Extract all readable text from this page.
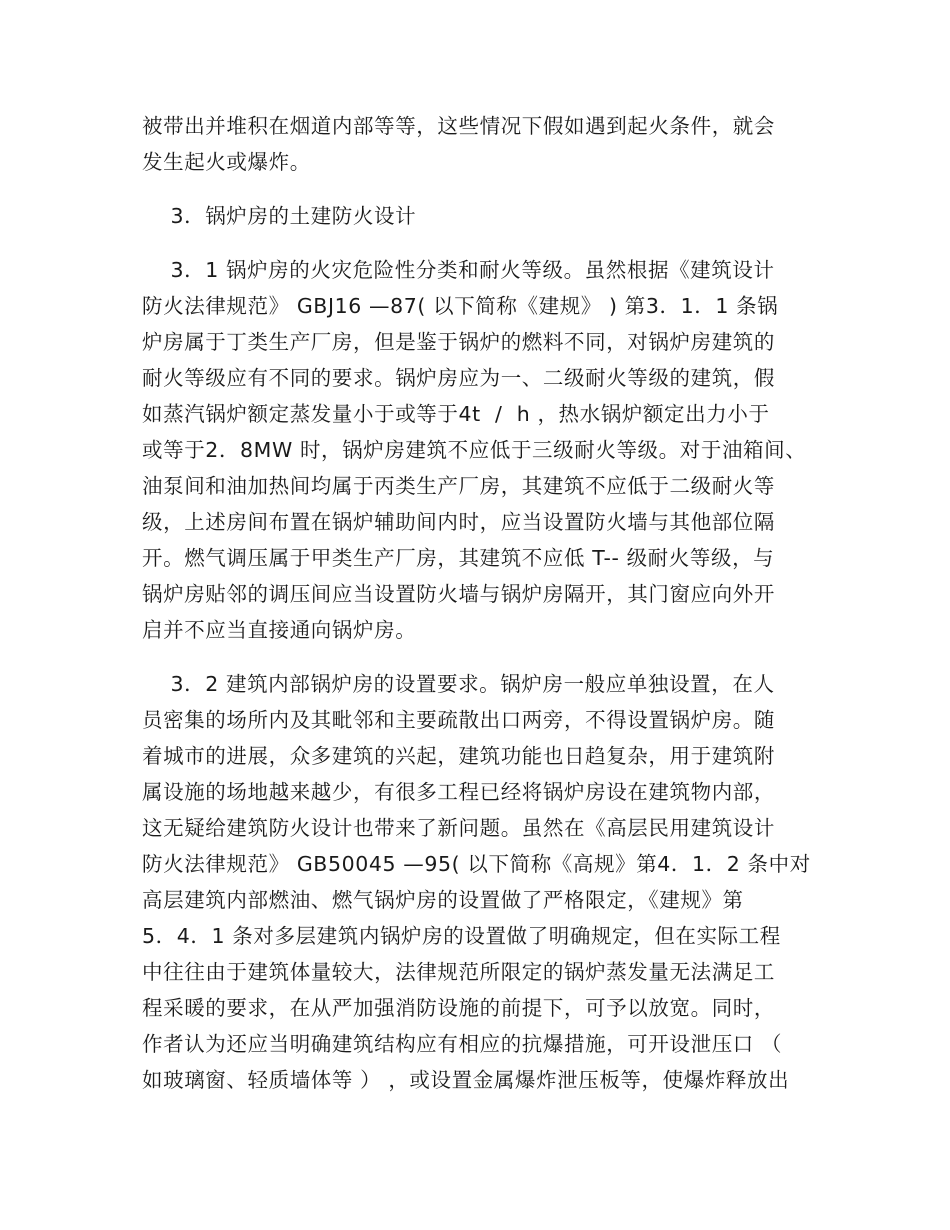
被带出并堆积在烟道内部等等，这些情况下假如遇到起火条件，就会
发生起火或爆炸。
3．锅炉房的土建防火设计
3．1 锅炉房的火灾危险性分类和耐火等级。虽然根据《建筑设计
防火法律规范》 GBJ16 —87( 以下简称《建规》 ) 第3．1．1 条锅
炉房属于丁类生产厂房，但是鉴于锅炉的燃料不同，对锅炉房建筑的
耐火等级应有不同的要求。锅炉房应为一、二级耐火等级的建筑，假
如蒸汽锅炉额定蒸发量小于或等于4t  /  h ，热水锅炉额定出力小于
或等于2．8MW 时，锅炉房建筑不应低于三级耐火等级。对于油箱间、
油泵间和油加热间均属于丙类生产厂房，其建筑不应低于二级耐火等
级，上述房间布置在锅炉辅助间内时，应当设置防火墙与其他部位隔
开。燃气调压属于甲类生产厂房，其建筑不应低 T-- 级耐火等级，与
锅炉房贴邻的调压间应当设置防火墙与锅炉房隔开，其门窗应向外开
启并不应当直接通向锅炉房。
3．2 建筑内部锅炉房的设置要求。锅炉房一般应单独设置，在人
员密集的场所内及其毗邻和主要疏散出口两旁，不得设置锅炉房。随
着城市的进展，众多建筑的兴起，建筑功能也日趋复杂，用于建筑附
属设施的场地越来越少，有很多工程已经将锅炉房设在建筑物内部，
这无疑给建筑防火设计也带来了新问题。虽然在《高层民用建筑设计
防火法律规范》 GB50045 —95( 以下简称《高规》第4．1．2 条中对
高层建筑内部燃油、燃气锅炉房的设置做了严格限定，《建规》第
5．4．1 条对多层建筑内锅炉房的设置做了明确规定，但在实际工程
中往往由于建筑体量较大，法律规范所限定的锅炉蒸发量无法满足工
程采暖的要求，在从严加强消防设施的前提下，可予以放宽。同时，
作者认为还应当明确建筑结构应有相应的抗爆措施，可开设泄压口 （
如玻璃窗、轻质墙体等 ） ，或设置金属爆炸泄压板等，使爆炸释放出
